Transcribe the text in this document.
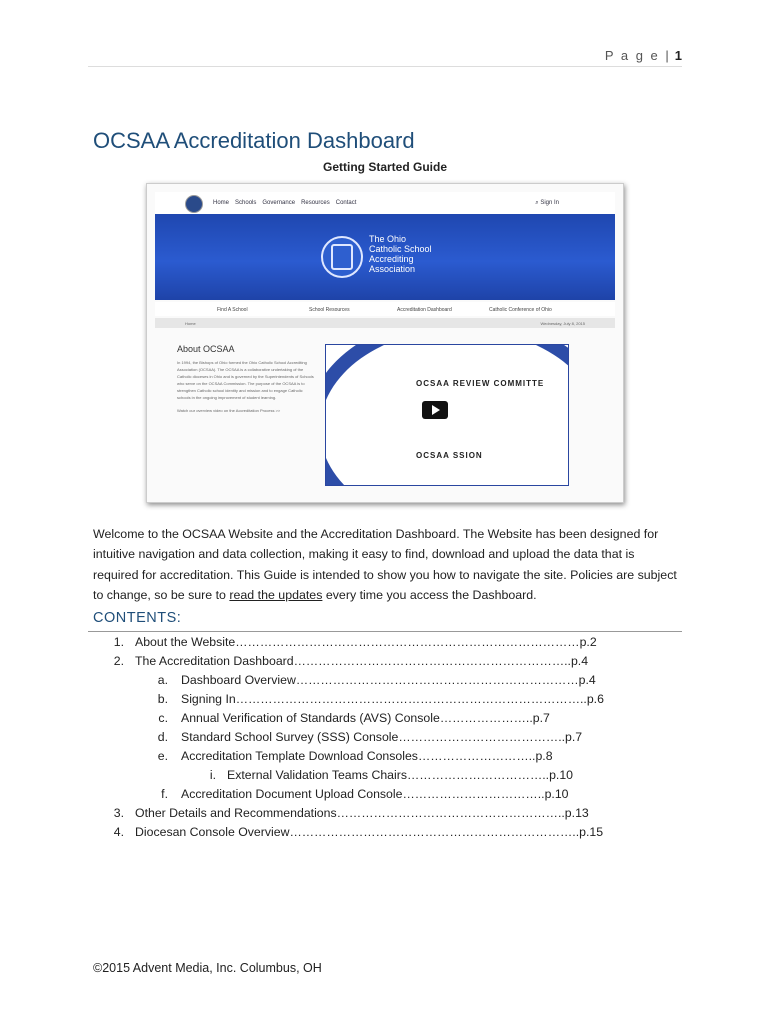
P a g e | 1
OCSAA Accreditation Dashboard
Getting Started Guide
Home Schools Governance Resources Contact	⌕ Sign In
The Ohio
Catholic School
Accrediting
Association
Find A School	School Resources	Accreditation Dashboard	Catholic Conference of Ohio
Home	Wednesday, July 8, 2015
About OCSAA
In 1994, the Bishops of Ohio formed the Ohio Catholic School Accrediting Association (OCSAA). The OCSAA is a collaborative undertaking of the Catholic dioceses in Ohio and is governed by the Superintendents of Schools who serve on the OCSAA Commission. The purpose of the OCSAA is to strengthen Catholic school identity and mission and to engage Catholic schools in the ongoing improvement of student learning.
Watch our overview video on the Accreditation Process >>
OCSAA REVIEW COMMITTE
OCSAA SSION
Welcome to the OCSAA Website and the Accreditation Dashboard. The Website has been designed for intuitive navigation and data collection, making it easy to find, download and upload the data that is required for accreditation. This Guide is intended to show you how to navigate the site. Policies are subject to change, so be sure to read the updates every time you access the Dashboard.
CONTENTS:
1. About the Website…………………………………………………………………………p.2
2. The Accreditation Dashboard…………………………………………………………..p.4
a. Dashboard Overview……………………………………………………………p.4
b. Signing In…………………………………………………………………………..p.6
c. Annual Verification of Standards (AVS) Console…………………..p.7
d. Standard School Survey (SSS) Console…………………………………..p.7
e. Accreditation Template Download Consoles………………………..p.8
i. External Validation Teams Chairs……………………………..p.10
f. Accreditation Document Upload Console……………………………..p.10
3. Other Details and Recommendations………………………………………………..p.13
4. Diocesan Console Overview……………………………………………………………..p.15
©2015 Advent Media, Inc. Columbus, OH
